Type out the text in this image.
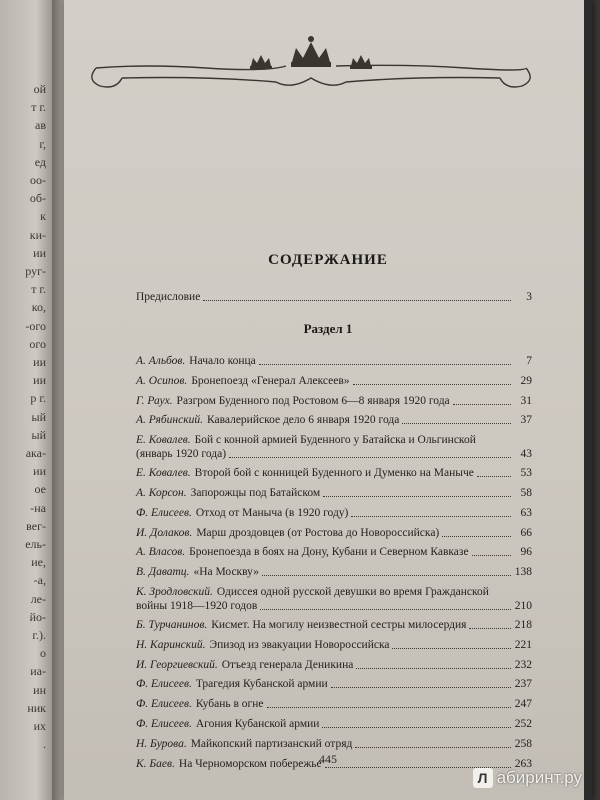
ой
т г.
ав
г,
ед
оо-
об-
к
ки-
ии
руг-
т г.
ко,
-ого
ого
ии
ии
р г.
ый
ый
ака-
ии
ое
-на
вег-
ель-
ие,
-а,
ле-
йо-
г.).
о
иа-
ин
ник
их
.
СОДЕРЖАНИЕ
Предисловие	3
А. Альбов. Начало конца	7
А. Осипов. Бронепоезд «Генерал Алексеев»	29
Г. Раух. Разгром Буденного под Ростовом 6—8 января 1920 года	31
А. Рябинский. Кавалерийское дело 6 января 1920 года	37
Е. Ковалев. Бой с конной армией Буденного у Батайска и Ольгинской
(январь 1920 года)	43
Е. Ковалев. Второй бой с конницей Буденного и Думенко на Маныче	53
А. Корсон. Запорожцы под Батайском	58
Ф. Елисеев. Отход от Маныча (в 1920 году)	63
И. Долаков. Марш дроздовцев (от Ростова до Новороссийска)	66
А. Власов. Бронепоезда в боях на Дону, Кубани и Северном Кавказе	96
В. Даватц. «На Москву»	138
К. Зродловский. Одиссея одной русской девушки во время Гражданской
войны 1918—1920 годов	210
Б. Турчанинов. Кисмет. На могилу неизвестной сестры милосердия	218
Н. Каринский. Эпизод из эвакуации Новороссийска	221
И. Георгиевский. Отъезд генерала Деникина	232
Ф. Елисеев. Трагедия Кубанской армии	237
Ф. Елисеев. Кубань в огне	247
Ф. Елисеев. Агония Кубанской армии	252
Н. Бурова. Майкопский партизанский отряд	258
К. Баев. На Черноморском побережье	263
Раздел 1
445
Л абиринт.ру
